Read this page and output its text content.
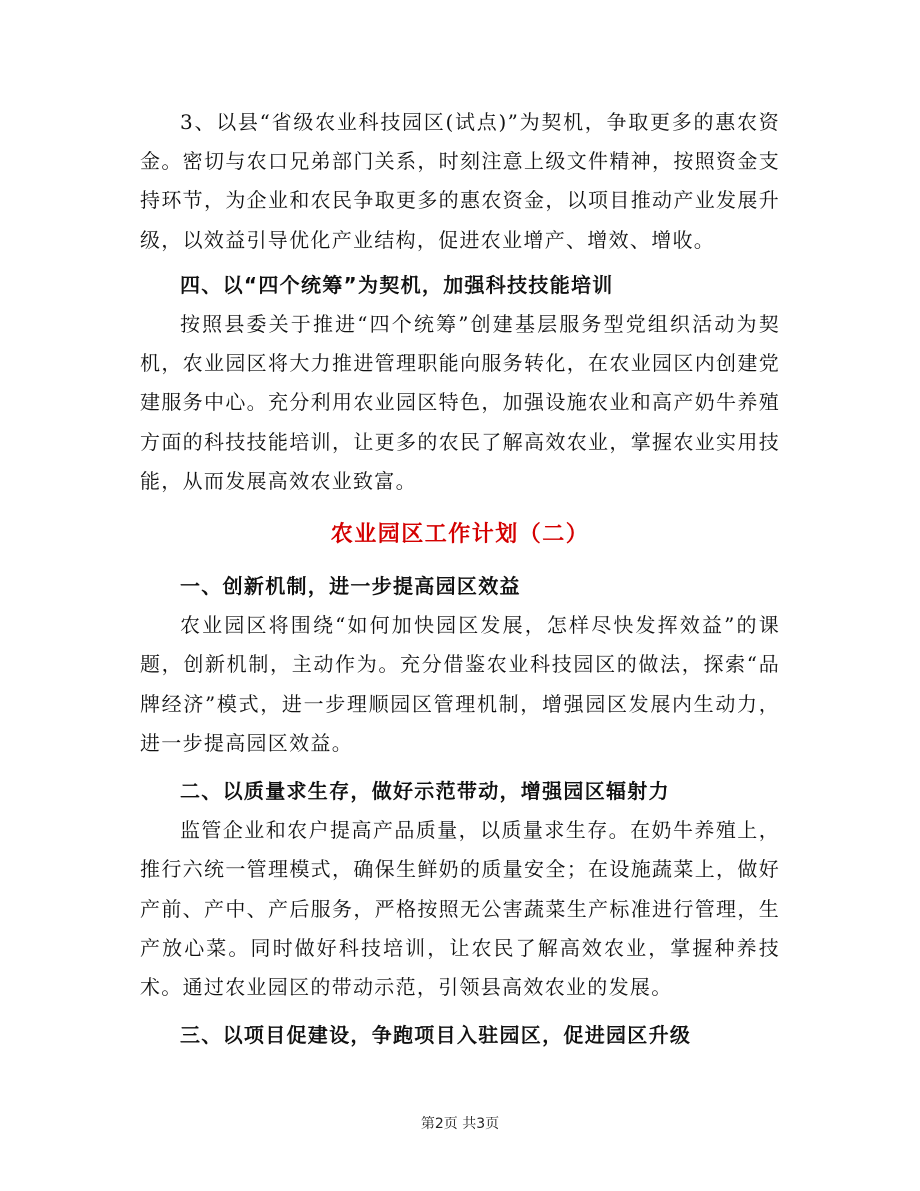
3、以县“省级农业科技园区(试点)”为契机，争取更多的惠农资金。密切与农口兄弟部门关系，时刻注意上级文件精神，按照资金支持环节，为企业和农民争取更多的惠农资金，以项目推动产业发展升级，以效益引导优化产业结构，促进农业增产、增效、增收。

四、以“四个统筹”为契机，加强科技技能培训

按照县委关于推进“四个统筹”创建基层服务型党组织活动为契机，农业园区将大力推进管理职能向服务转化，在农业园区内创建党建服务中心。充分利用农业园区特色，加强设施农业和高产奶牛养殖方面的科技技能培训，让更多的农民了解高效农业，掌握农业实用技能，从而发展高效农业致富。

农业园区工作计划（二）

一、创新机制，进一步提高园区效益

农业园区将围绕“如何加快园区发展，怎样尽快发挥效益”的课题，创新机制，主动作为。充分借鉴农业科技园区的做法，探索“品牌经济”模式，进一步理顺园区管理机制，增强园区发展内生动力，进一步提高园区效益。

二、以质量求生存，做好示范带动，增强园区辐射力

监管企业和农户提高产品质量，以质量求生存。在奶牛养殖上，推行六统一管理模式，确保生鲜奶的质量安全；在设施蔬菜上，做好产前、产中、产后服务，严格按照无公害蔬菜生产标准进行管理，生产放心菜。同时做好科技培训，让农民了解高效农业，掌握种养技术。通过农业园区的带动示范，引领县高效农业的发展。

三、以项目促建设，争跑项目入驻园区，促进园区升级

第2页 共3页
